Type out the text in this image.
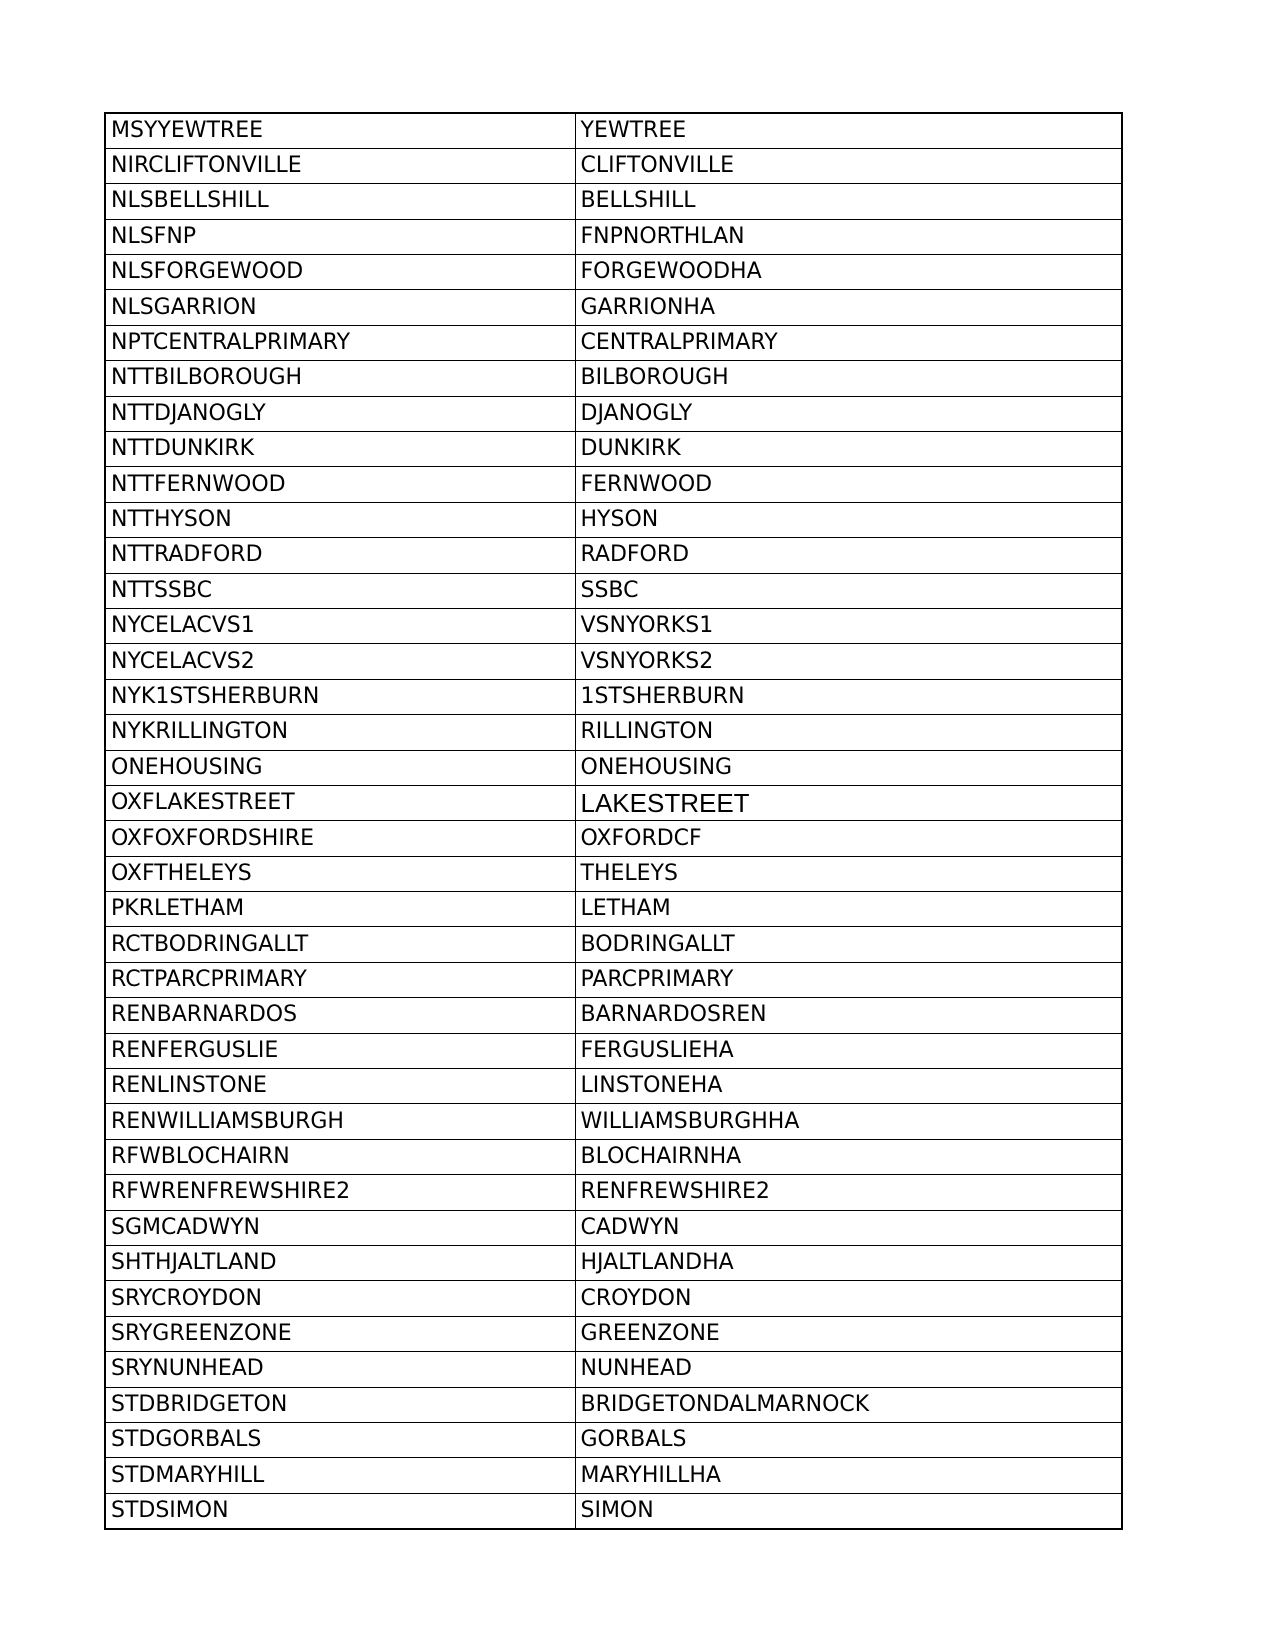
MSYYEWTREE	YEWTREE
NIRCLIFTONVILLE	CLIFTONVILLE
NLSBELLSHILL	BELLSHILL
NLSFNP	FNPNORTHLAN
NLSFORGEWOOD	FORGEWOODHA
NLSGARRION	GARRIONHA
NPTCENTRALPRIMARY	CENTRALPRIMARY
NTTBILBOROUGH	BILBOROUGH
NTTDJANOGLY	DJANOGLY
NTTDUNKIRK	DUNKIRK
NTTFERNWOOD	FERNWOOD
NTTHYSON	HYSON
NTTRADFORD	RADFORD
NTTSSBC	SSBC
NYCELACVS1	VSNYORKS1
NYCELACVS2	VSNYORKS2
NYK1STSHERBURN	1STSHERBURN
NYKRILLINGTON	RILLINGTON
ONEHOUSING	ONEHOUSING
OXFLAKESTREET	LAKESTREET
OXFOXFORDSHIRE	OXFORDCF
OXFTHELEYS	THELEYS
PKRLETHAM	LETHAM
RCTBODRINGALLT	BODRINGALLT
RCTPARCPRIMARY	PARCPRIMARY
RENBARNARDOS	BARNARDOSREN
RENFERGUSLIE	FERGUSLIEHA
RENLINSTONE	LINSTONEHA
RENWILLIAMSBURGH	WILLIAMSBURGHHA
RFWBLOCHAIRN	BLOCHAIRNHA
RFWRENFREWSHIRE2	RENFREWSHIRE2
SGMCADWYN	CADWYN
SHTHJALTLAND	HJALTLANDHA
SRYCROYDON	CROYDON
SRYGREENZONE	GREENZONE
SRYNUNHEAD	NUNHEAD
STDBRIDGETON	BRIDGETONDALMARNOCK
STDGORBALS	GORBALS
STDMARYHILL	MARYHILLHA
STDSIMON	SIMON
